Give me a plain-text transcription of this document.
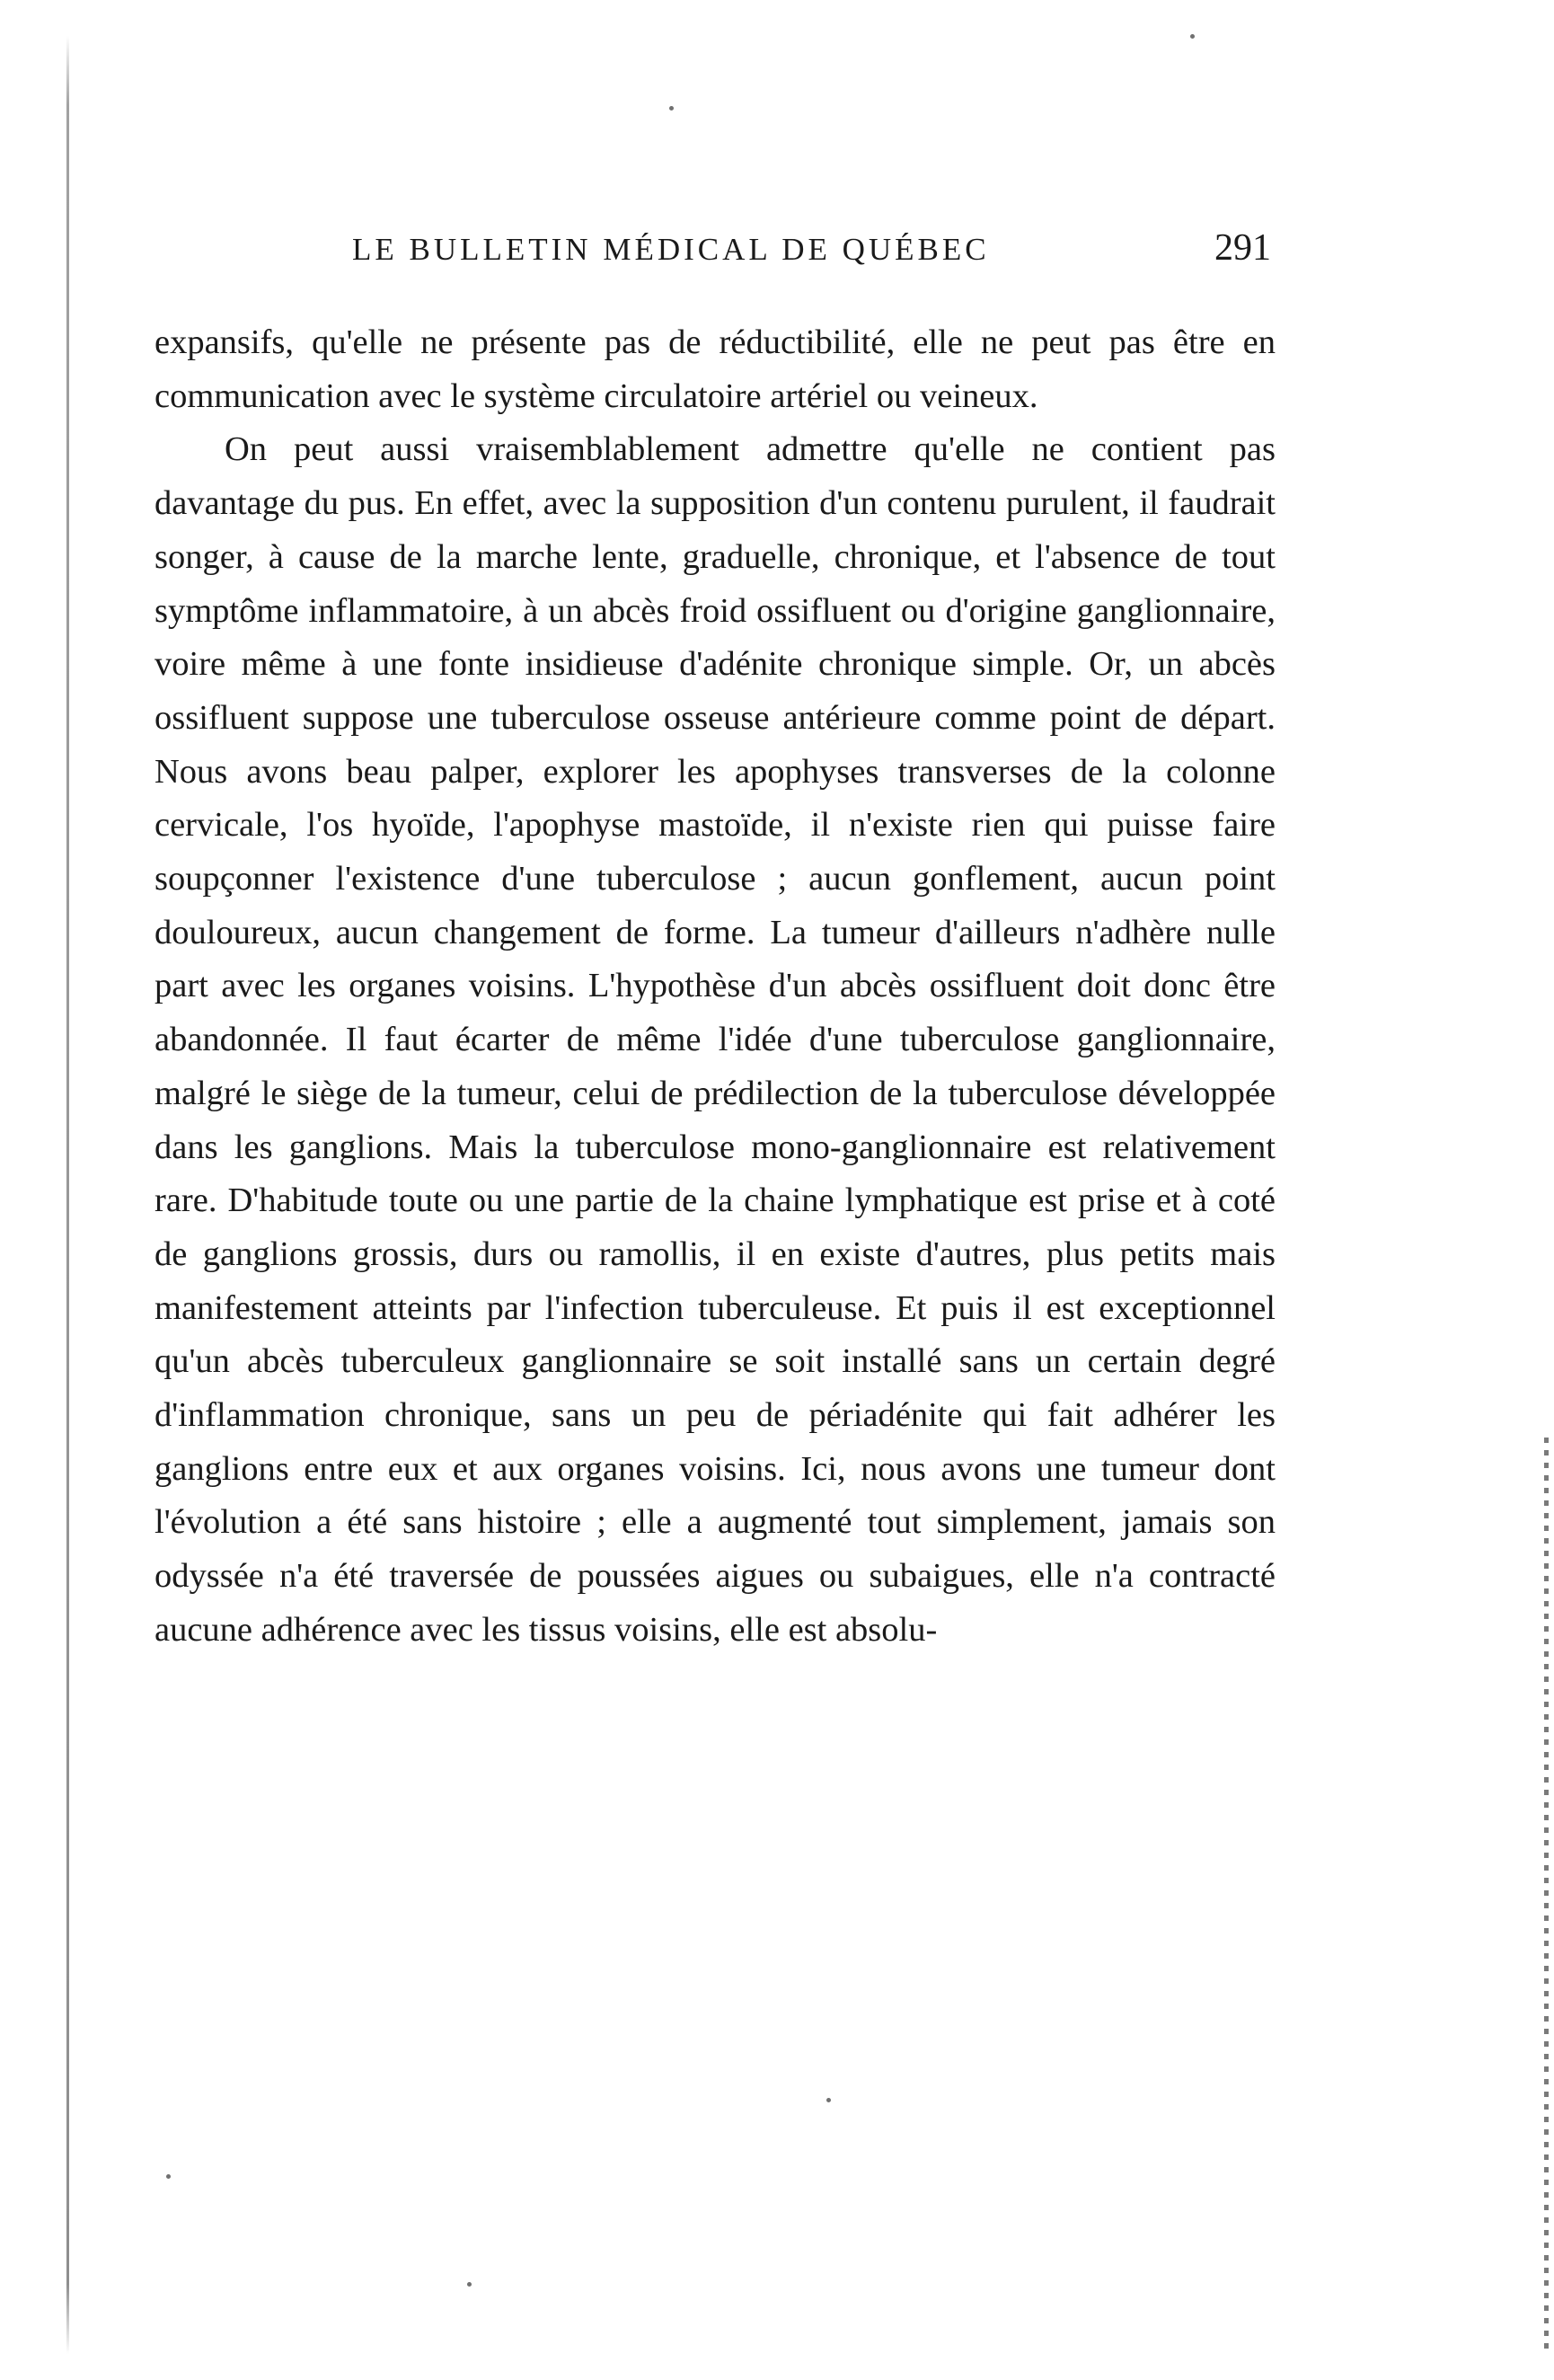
LE BULLETIN MÉDICAL DE QUÉBEC	291

expansifs, qu'elle ne présente pas de réductibilité, elle ne peut pas être en communication avec le système circulatoire artériel ou veineux.

On peut aussi vraisemblablement admettre qu'elle ne contient pas davantage du pus. En effet, avec la supposition d'un contenu purulent, il faudrait songer, à cause de la marche lente, graduelle, chronique, et l'absence de tout symptôme inflammatoire, à un abcès froid ossifluent ou d'origine ganglionnaire, voire même à une fonte insidieuse d'adénite chronique simple. Or, un abcès ossifluent suppose une tuberculose osseuse antérieure comme point de départ. Nous avons beau palper, explorer les apophyses transverses de la colonne cervicale, l'os hyoïde, l'apophyse mastoïde, il n'existe rien qui puisse faire soupçonner l'existence d'une tuberculose ; aucun gonflement, aucun point douloureux, aucun changement de forme. La tumeur d'ailleurs n'adhère nulle part avec les organes voisins. L'hypothèse d'un abcès ossifluent doit donc être abandonnée. Il faut écarter de même l'idée d'une tuberculose ganglionnaire, malgré le siège de la tumeur, celui de prédilection de la tuberculose développée dans les ganglions. Mais la tuberculose mono-ganglionnaire est relativement rare. D'habitude toute ou une partie de la chaine lymphatique est prise et à coté de ganglions grossis, durs ou ramollis, il en existe d'autres, plus petits mais manifestement atteints par l'infection tuberculeuse. Et puis il est exceptionnel qu'un abcès tuberculeux ganglionnaire se soit installé sans un certain degré d'inflammation chronique, sans un peu de périadénite qui fait adhérer les ganglions entre eux et aux organes voisins. Ici, nous avons une tumeur dont l'évolution a été sans histoire ; elle a augmenté tout simplement, jamais son odyssée n'a été traversée de poussées aigues ou subaigues, elle n'a contracté aucune adhérence avec les tissus voisins, elle est absolu-
